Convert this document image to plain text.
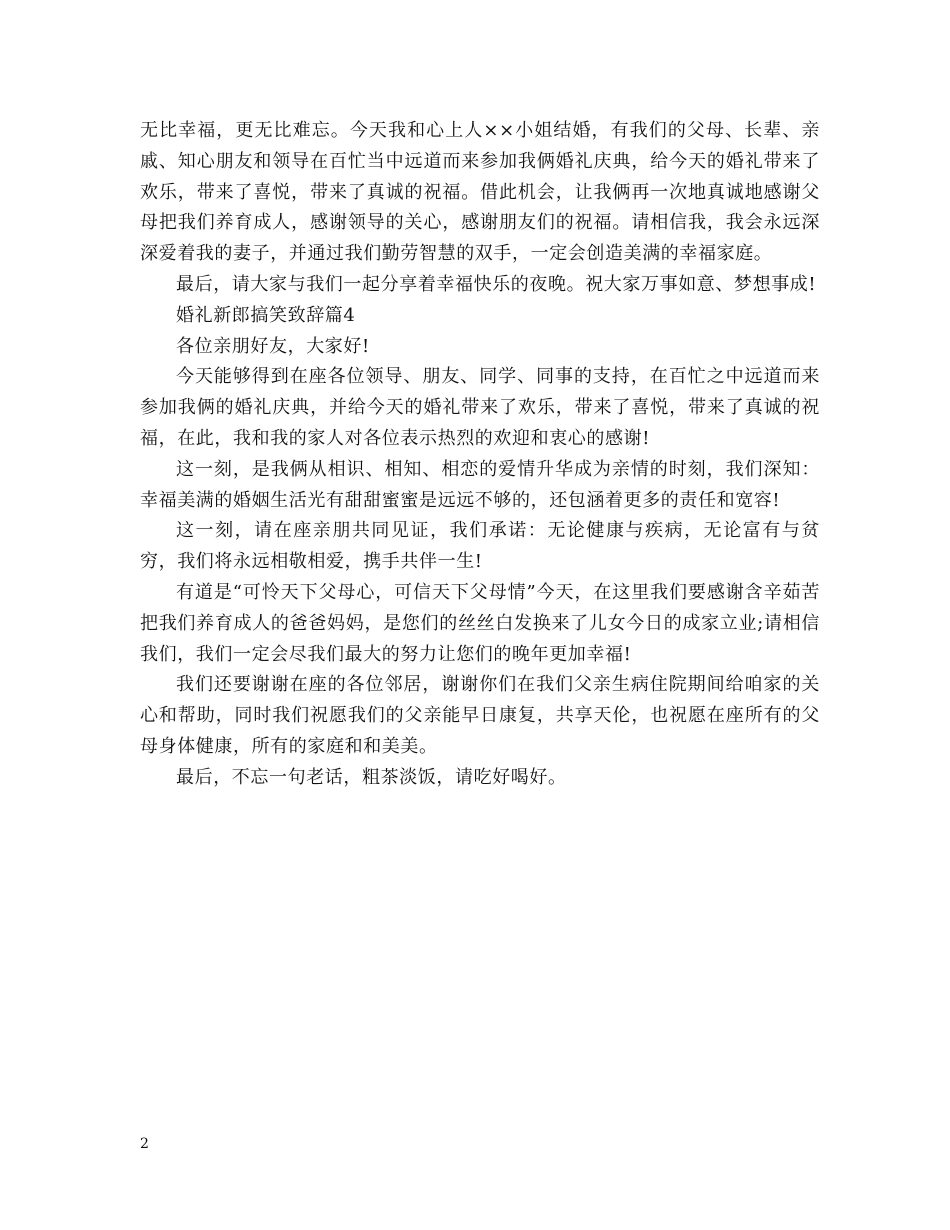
无比幸福，更无比难忘。今天我和心上人××小姐结婚，有我们的父母、长辈、亲戚、知心朋友和领导在百忙当中远道而来参加我俩婚礼庆典，给今天的婚礼带来了欢乐，带来了喜悦，带来了真诚的祝福。借此机会，让我俩再一次地真诚地感谢父母把我们养育成人，感谢领导的关心，感谢朋友们的祝福。请相信我，我会永远深深爱着我的妻子，并通过我们勤劳智慧的双手，一定会创造美满的幸福家庭。

最后，请大家与我们一起分享着幸福快乐的夜晚。祝大家万事如意、梦想事成!

婚礼新郎搞笑致辞篇4

各位亲朋好友，大家好!

今天能够得到在座各位领导、朋友、同学、同事的支持，在百忙之中远道而来参加我俩的婚礼庆典，并给今天的婚礼带来了欢乐，带来了喜悦，带来了真诚的祝福，在此，我和我的家人对各位表示热烈的欢迎和衷心的感谢!

这一刻，是我俩从相识、相知、相恋的爱情升华成为亲情的时刻，我们深知：幸福美满的婚姻生活光有甜甜蜜蜜是远远不够的，还包涵着更多的责任和宽容!

这一刻，请在座亲朋共同见证，我们承诺：无论健康与疾病，无论富有与贫穷，我们将永远相敬相爱，携手共伴一生!

有道是“可怜天下父母心，可信天下父母情”今天，在这里我们要感谢含辛茹苦把我们养育成人的爸爸妈妈，是您们的丝丝白发换来了儿女今日的成家立业;请相信我们，我们一定会尽我们最大的努力让您们的晚年更加幸福!

我们还要谢谢在座的各位邻居，谢谢你们在我们父亲生病住院期间给咱家的关心和帮助，同时我们祝愿我们的父亲能早日康复，共享天伦，也祝愿在座所有的父母身体健康，所有的家庭和和美美。

最后，不忘一句老话，粗茶淡饭，请吃好喝好。

2
